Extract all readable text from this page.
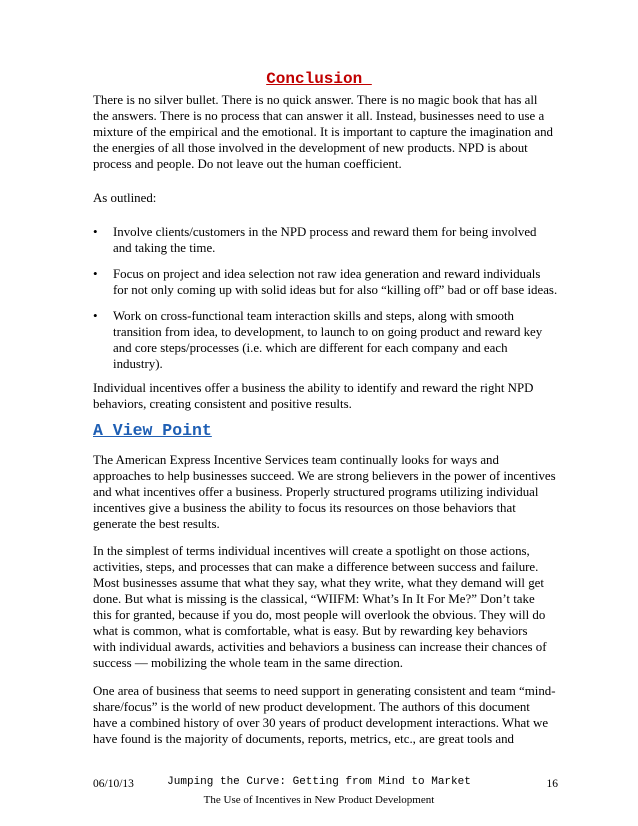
Conclusion
There is no silver bullet. There is no quick answer. There is no magic book that has all
the answers. There is no process that can answer it all. Instead, businesses need to use a
mixture of the empirical and the emotional. It is important to capture the imagination and
the energies of all those involved in the development of new products. NPD is about
process and people. Do not leave out the human coefficient.
As outlined:
• Involve clients/customers in the NPD process and reward them for being involved
and taking the time.
• Focus on project and idea selection not raw idea generation and reward individuals
for not only coming up with solid ideas but for also “killing off” bad or off base ideas.
• Work on cross-functional team interaction skills and steps, along with smooth
transition from idea, to development, to launch to on going product and reward key
and core steps/processes (i.e. which are different for each company and each
industry).
Individual incentives offer a business the ability to identify and reward the right NPD
behaviors, creating consistent and positive results.
A View Point
The American Express Incentive Services team continually looks for ways and
approaches to help businesses succeed. We are strong believers in the power of incentives
and what incentives offer a business. Properly structured programs utilizing individual
incentives give a business the ability to focus its resources on those behaviors that
generate the best results.
In the simplest of terms individual incentives will create a spotlight on those actions,
activities, steps, and processes that can make a difference between success and failure.
Most businesses assume that what they say, what they write, what they demand will get
done. But what is missing is the classical, “WIIFM: What’s In It For Me?” Don’t take
this for granted, because if you do, most people will overlook the obvious. They will do
what is common, what is comfortable, what is easy. But by rewarding key behaviors
with individual awards, activities and behaviors a business can increase their chances of
success — mobilizing the whole team in the same direction.
One area of business that seems to need support in generating consistent and team “mind-
share/focus” is the world of new product development. The authors of this document
have a combined history of over 30 years of product development interactions. What we
have found is the majority of documents, reports, metrics, etc., are great tools and
06/10/13	Jumping the Curve: Getting from Mind to Market
The Use of Incentives in New Product Development
16
